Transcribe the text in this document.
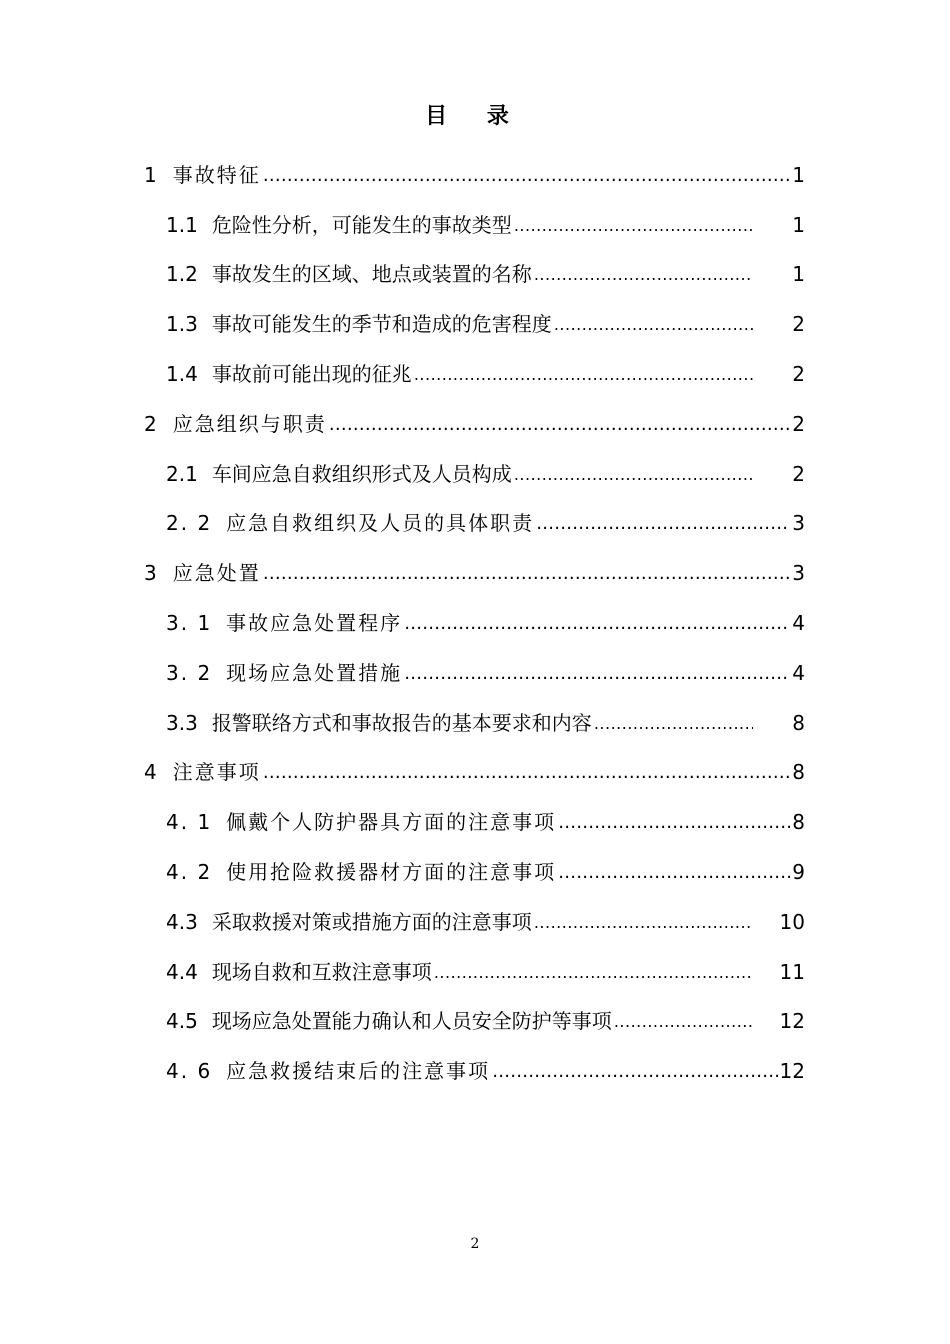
目 录
1 事故特征 ……………………………………………………………………………………………………………………………………………………	1
1.1 危险性分析，可能发生的事故类型 .....	1
1.2 事故发生的区域、地点或装置的名称 .....	1
1.3 事故可能发生的季节和造成的危害程度 .....	2
1.4 事故前可能出现的征兆 .....	2
2 应急组织与职责 ……………………………………………………………………………………………………………………………………………………	2
2.1 车间应急自救组织形式及人员构成 .....	2
2. 2 应急自救组织及人员的具体职责 ……………………………………………………………………………………………………………………………………………………	3
3 应急处置 ……………………………………………………………………………………………………………………………………………………	3
3. 1 事故应急处置程序 ……………………………………………………………………………………………………………………………………………………	4
3. 2 现场应急处置措施 ……………………………………………………………………………………………………………………………………………………	4
3.3 报警联络方式和事故报告的基本要求和内容 .....	8
4 注意事项 ……………………………………………………………………………………………………………………………………………………	8
4. 1 佩戴个人防护器具方面的注意事项 ……………………………………………………………………………………………………………………………………………………	8
4. 2 使用抢险救援器材方面的注意事项 ……………………………………………………………………………………………………………………………………………………	9
4.3 采取救援对策或措施方面的注意事项 .....	10
4.4 现场自救和互救注意事项 .....	11
4.5 现场应急处置能力确认和人员安全防护等事项 .....	12
4. 6 应急救援结束后的注意事项 ……………………………………………………………………………………………………………………………………………………	12
2
